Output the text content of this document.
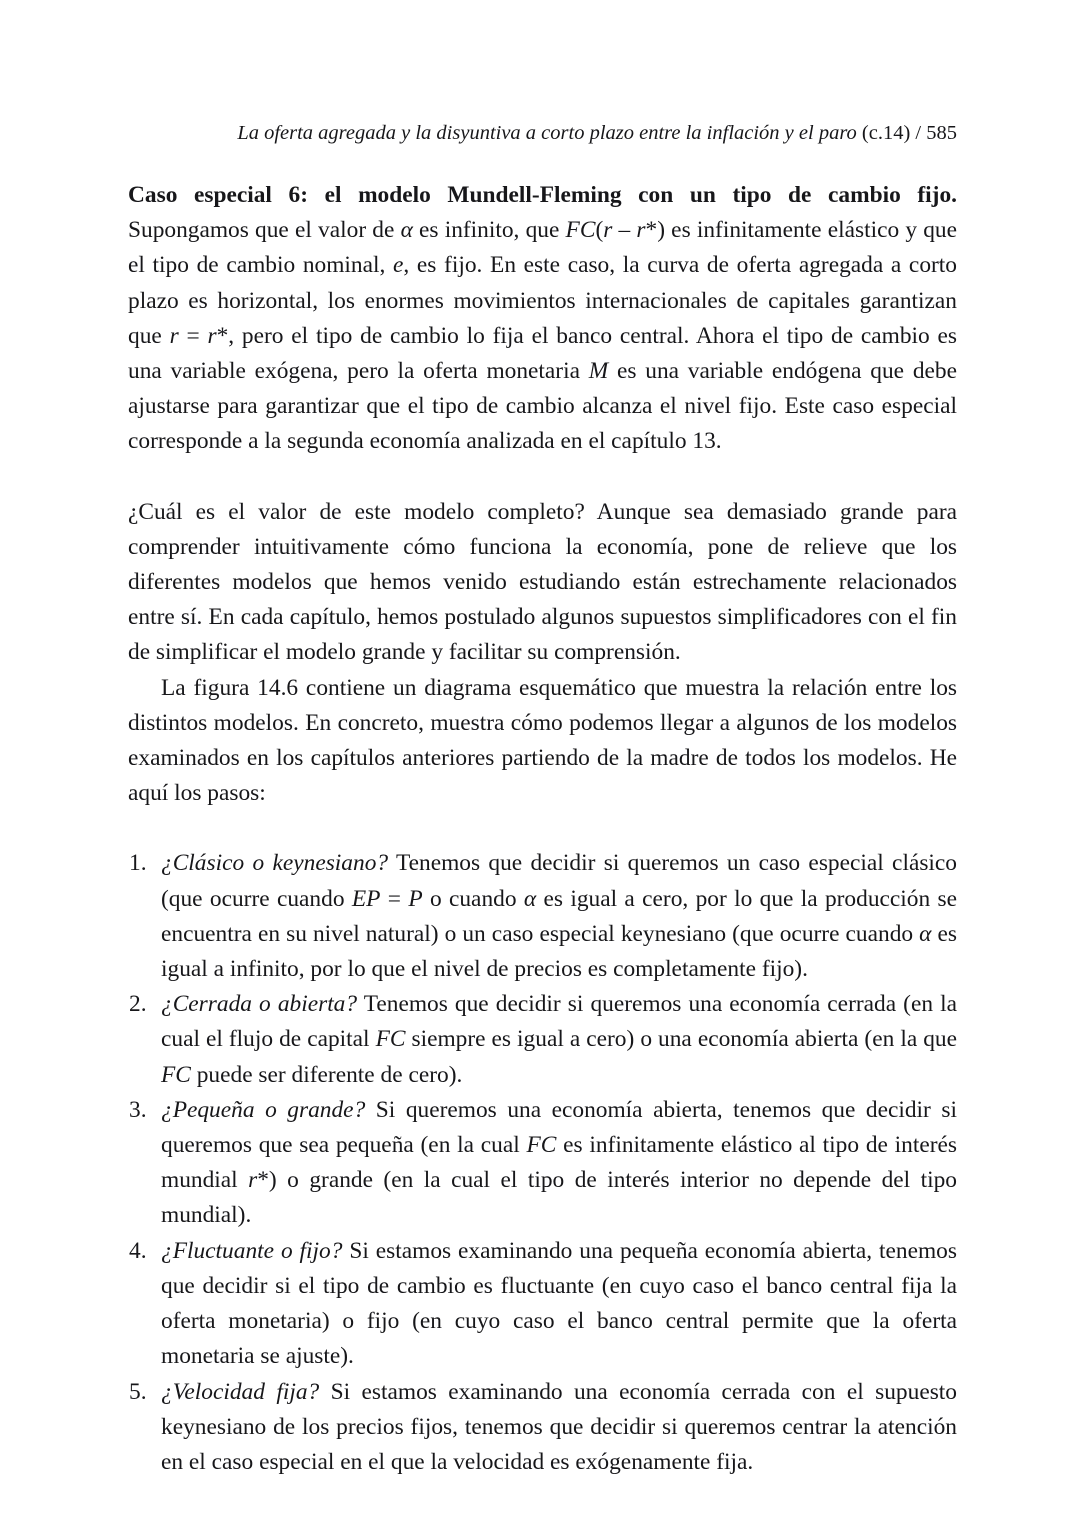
La oferta agregada y la disyuntiva a corto plazo entre la inflación y el paro (c.14) / 585

Caso especial 6: el modelo Mundell-Fleming con un tipo de cambio fijo. Supongamos que el valor de α es infinito, que FC(r – r*) es infinitamente elástico y que el tipo de cambio nominal, e, es fijo. En este caso, la curva de oferta agregada a corto plazo es horizontal, los enormes movimientos internacionales de capitales garantizan que r = r*, pero el tipo de cambio lo fija el banco central. Ahora el tipo de cambio es una variable exógena, pero la oferta monetaria M es una variable endógena que debe ajustarse para garantizar que el tipo de cambio alcanza el nivel fijo. Este caso especial corresponde a la segunda economía analizada en el capítulo 13.

¿Cuál es el valor de este modelo completo? Aunque sea demasiado grande para comprender intuitivamente cómo funciona la economía, pone de relieve que los diferentes modelos que hemos venido estudiando están estrechamente relacionados entre sí. En cada capítulo, hemos postulado algunos supuestos simplificadores con el fin de simplificar el modelo grande y facilitar su comprensión.

La figura 14.6 contiene un diagrama esquemático que muestra la relación entre los distintos modelos. En concreto, muestra cómo podemos llegar a algunos de los modelos examinados en los capítulos anteriores partiendo de la madre de todos los modelos. He aquí los pasos:

1. ¿Clásico o keynesiano? Tenemos que decidir si queremos un caso especial clásico (que ocurre cuando EP = P o cuando α es igual a cero, por lo que la producción se encuentra en su nivel natural) o un caso especial keynesiano (que ocurre cuando α es igual a infinito, por lo que el nivel de precios es completamente fijo).
2. ¿Cerrada o abierta? Tenemos que decidir si queremos una economía cerrada (en la cual el flujo de capital FC siempre es igual a cero) o una economía abierta (en la que FC puede ser diferente de cero).
3. ¿Pequeña o grande? Si queremos una economía abierta, tenemos que decidir si queremos que sea pequeña (en la cual FC es infinitamente elástico al tipo de interés mundial r*) o grande (en la cual el tipo de interés interior no depende del tipo mundial).
4. ¿Fluctuante o fijo? Si estamos examinando una pequeña economía abierta, tenemos que decidir si el tipo de cambio es fluctuante (en cuyo caso el banco central fija la oferta monetaria) o fijo (en cuyo caso el banco central permite que la oferta monetaria se ajuste).
5. ¿Velocidad fija? Si estamos examinando una economía cerrada con el supuesto keynesiano de los precios fijos, tenemos que decidir si queremos centrar la atención en el caso especial en el que la velocidad es exógenamente fija.
